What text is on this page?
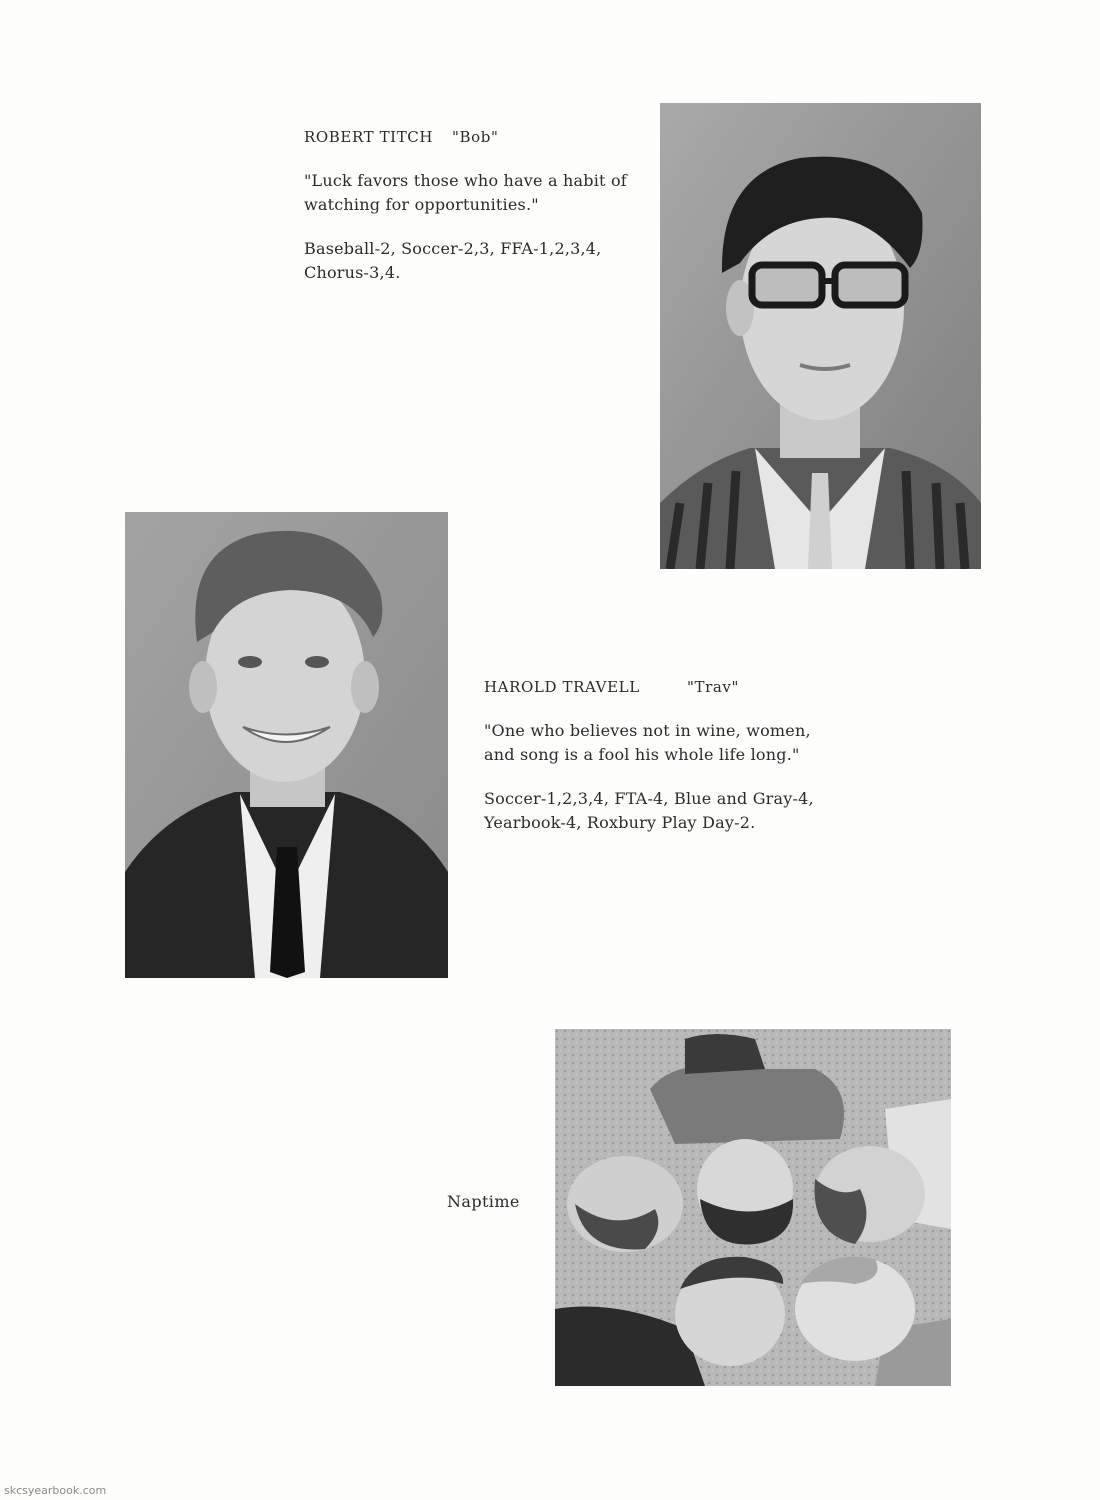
ROBERT TITCH "Bob"
"Luck favors those who have a habit of
watching for opportunities."
Baseball-2, Soccer-2,3, FFA-1,2,3,4,
Chorus-3,4.
HAROLD TRAVELL	"Trav"
"One who believes not in wine, women,
and song is a fool his whole life long."
Soccer-1,2,3,4, FTA-4, Blue and Gray-4,
Yearbook-4, Roxbury Play Day-2.
Naptime
skcsyearbook.com
